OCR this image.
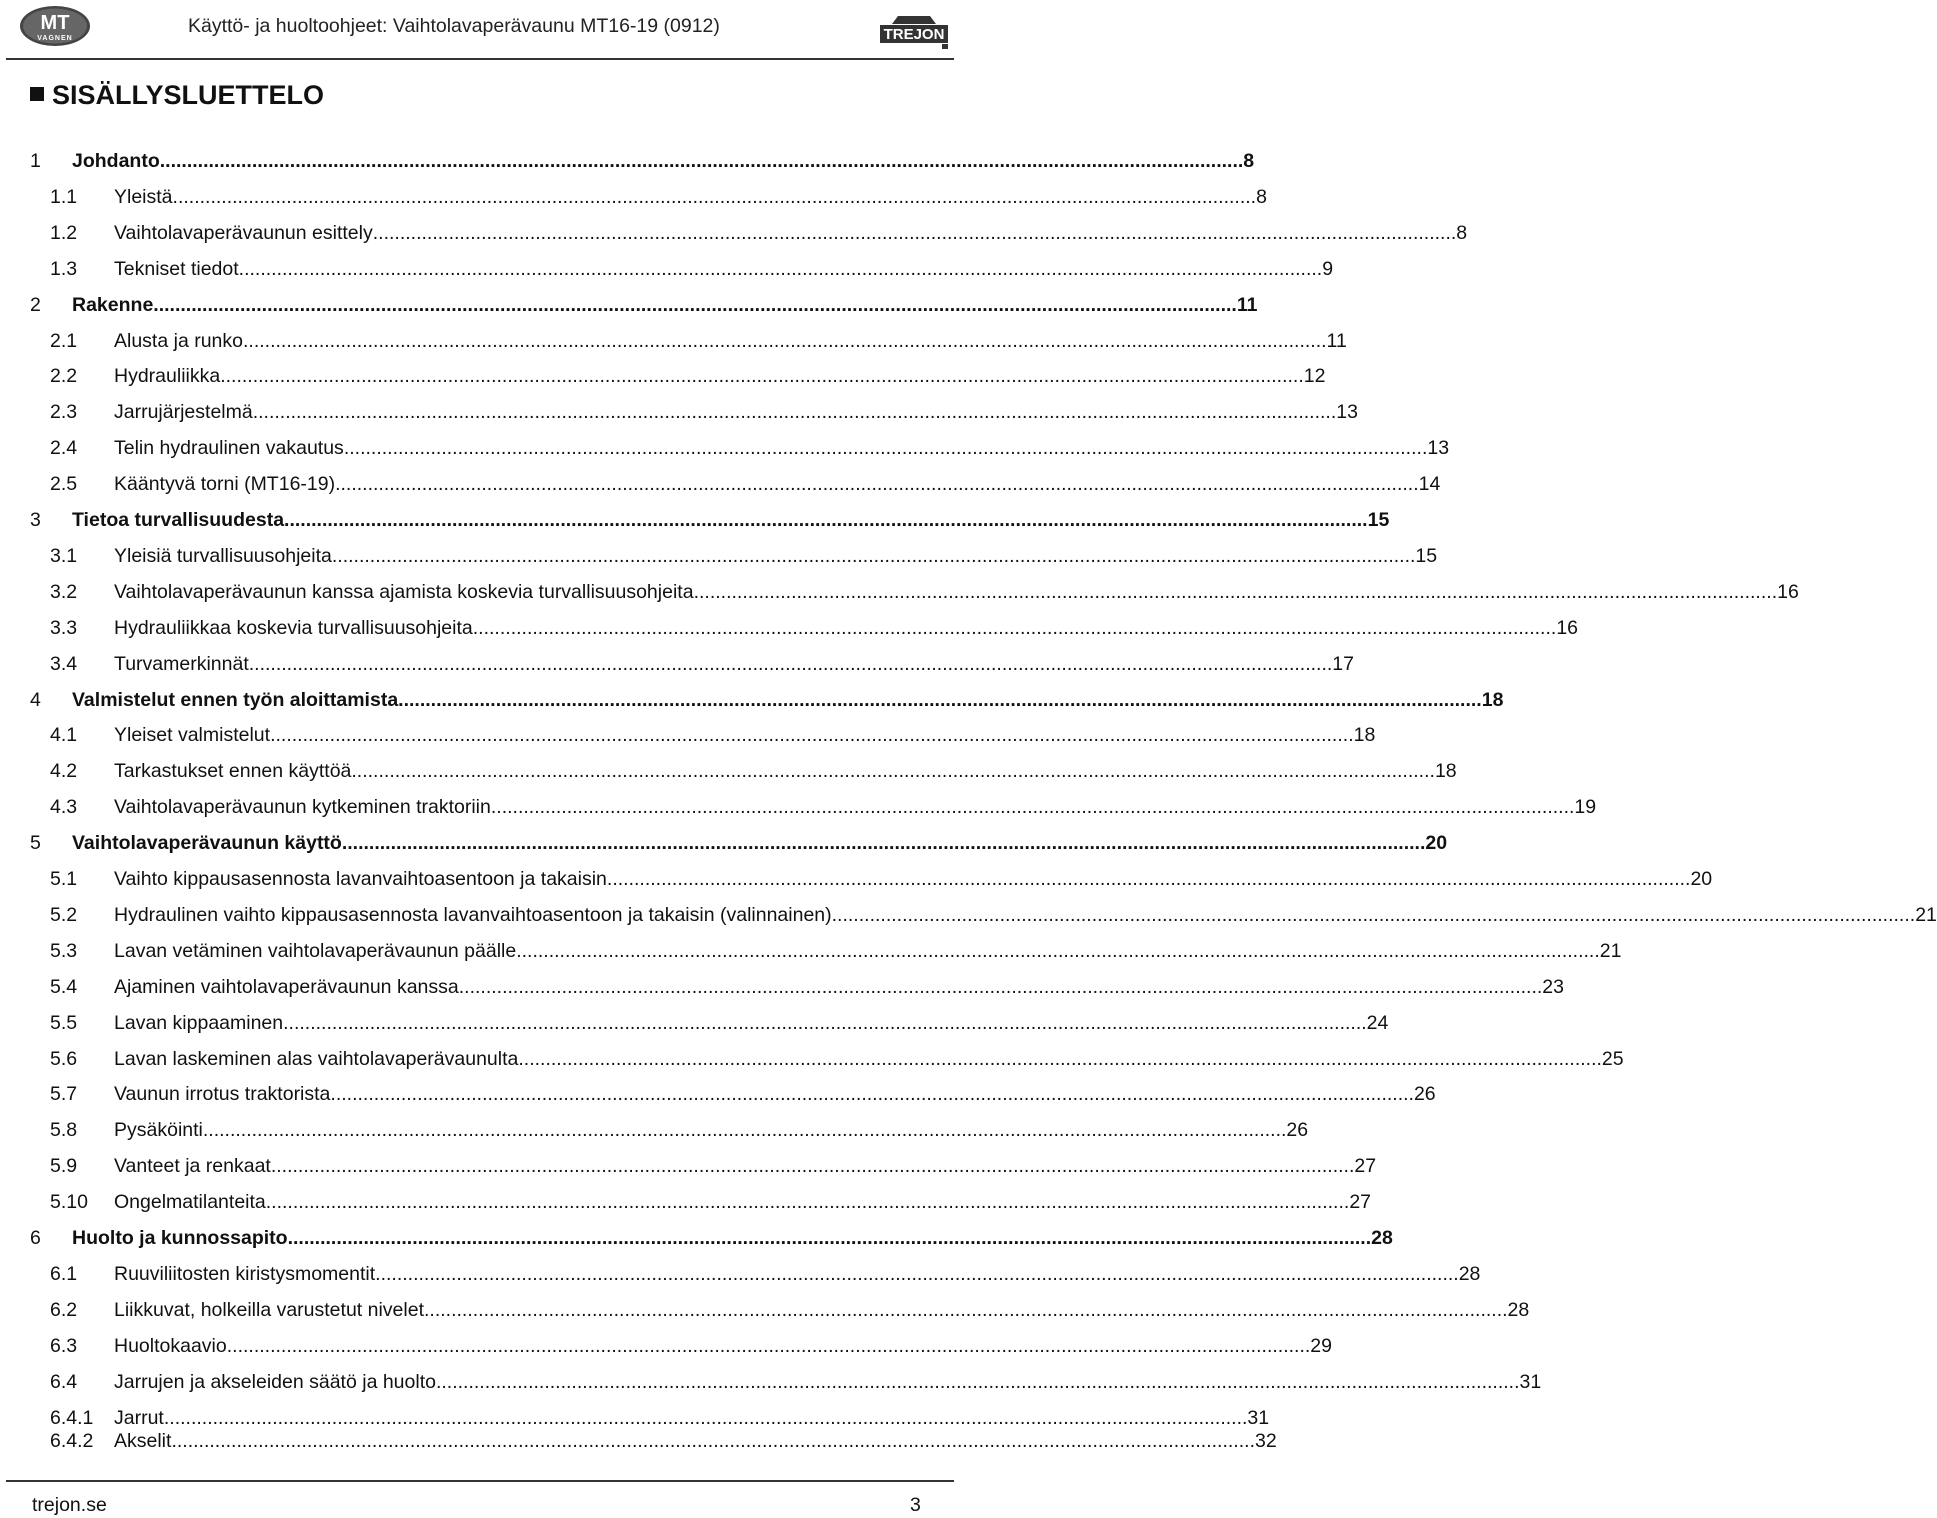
MT
VAGNEN
Käyttö- ja huoltoohjeet: Vaihtolavaperävaunu MT16-19 (0912)	TREJON
SISÄLLYSLUETTELO
1 Johdanto ........................................................................................................................................................................................................ 8
1.1 Yleistä ........................................................................................................................................................................................................ 8
1.2 Vaihtolavaperävaunun esittely ........................................................................................................................................................................................................ 8
1.3 Tekniset tiedot ........................................................................................................................................................................................................ 9
2 Rakenne ........................................................................................................................................................................................................ 11
2.1 Alusta ja runko ........................................................................................................................................................................................................ 11
2.2 Hydrauliikka ........................................................................................................................................................................................................ 12
2.3 Jarrujärjestelmä ........................................................................................................................................................................................................ 13
2.4 Telin hydraulinen vakautus ........................................................................................................................................................................................................ 13
2.5 Kääntyvä torni (MT16-19) ........................................................................................................................................................................................................ 14
3 Tietoa turvallisuudesta ........................................................................................................................................................................................................ 15
3.1 Yleisiä turvallisuusohjeita ........................................................................................................................................................................................................ 15
3.2 Vaihtolavaperävaunun kanssa ajamista koskevia turvallisuusohjeita ........................................................................................................................................................................................................ 16
3.3 Hydrauliikkaa koskevia turvallisuusohjeita ........................................................................................................................................................................................................ 16
3.4 Turvamerkinnät ........................................................................................................................................................................................................ 17
4 Valmistelut ennen työn aloittamista ........................................................................................................................................................................................................ 18
4.1 Yleiset valmistelut ........................................................................................................................................................................................................ 18
4.2 Tarkastukset ennen käyttöä ........................................................................................................................................................................................................ 18
4.3 Vaihtolavaperävaunun kytkeminen traktoriin ........................................................................................................................................................................................................ 19
5 Vaihtolavaperävaunun käyttö ........................................................................................................................................................................................................ 20
5.1 Vaihto kippausasennosta lavanvaihtoasentoon ja takaisin ........................................................................................................................................................................................................ 20
5.2 Hydraulinen vaihto kippausasennosta lavanvaihtoasentoon ja takaisin (valinnainen) ........................................................................................................................................................................................................ 21
5.3 Lavan vetäminen vaihtolavaperävaunun päälle ........................................................................................................................................................................................................ 21
5.4 Ajaminen vaihtolavaperävaunun kanssa ........................................................................................................................................................................................................ 23
5.5 Lavan kippaaminen ........................................................................................................................................................................................................ 24
5.6 Lavan laskeminen alas vaihtolavaperävaunulta ........................................................................................................................................................................................................ 25
5.7 Vaunun irrotus traktorista ........................................................................................................................................................................................................ 26
5.8 Pysäköinti ........................................................................................................................................................................................................ 26
5.9 Vanteet ja renkaat ........................................................................................................................................................................................................ 27
5.10 Ongelmatilanteita ........................................................................................................................................................................................................ 27
6 Huolto ja kunnossapito ........................................................................................................................................................................................................ 28
6.1 Ruuviliitosten kiristysmomentit ........................................................................................................................................................................................................ 28
6.2 Liikkuvat, holkeilla varustetut nivelet ........................................................................................................................................................................................................ 28
6.3 Huoltokaavio ........................................................................................................................................................................................................ 29
6.4 Jarrujen ja akseleiden säätö ja huolto ........................................................................................................................................................................................................ 31
6.4.1 Jarrut ........................................................................................................................................................................................................ 31
6.4.2 Akselit ........................................................................................................................................................................................................ 32
trejon.se	3
